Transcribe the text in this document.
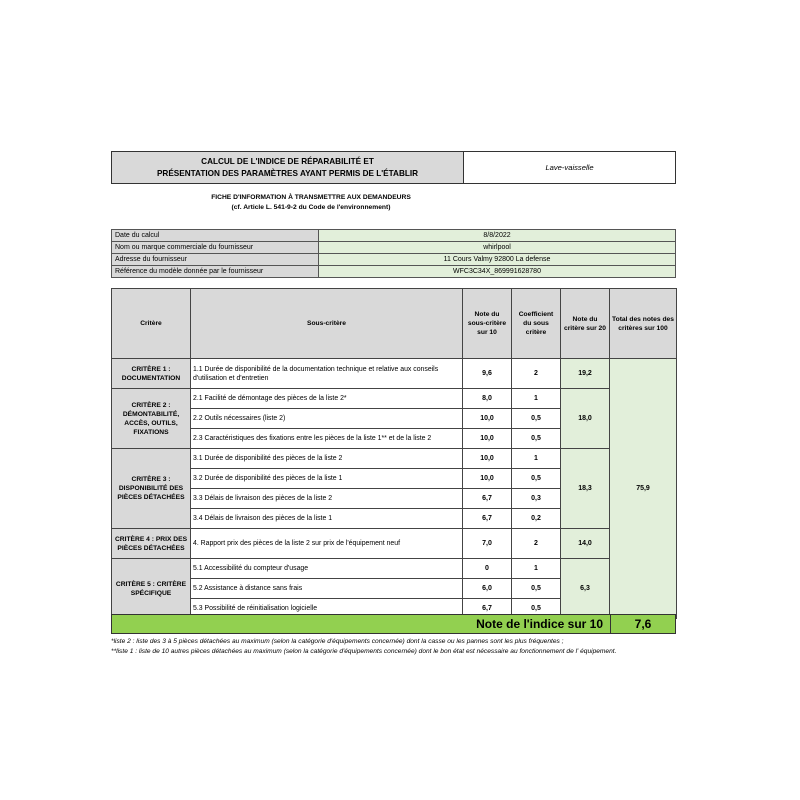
CALCUL DE L'INDICE DE RÉPARABILITÉ ET
PRÉSENTATION DES PARAMÈTRES AYANT PERMIS DE L'ÉTABLIR
Lave-vaisselle
FICHE D'INFORMATION À TRANSMETTRE AUX DEMANDEURS
(cf. Article L. 541-9-2 du Code de l'environnement)
Date du calcul	8/8/2022
Nom ou marque commerciale du fournisseur	whirlpool
Adresse du fournisseur	11 Cours Valmy 92800 La defense
Référence du modèle donnée par le fournisseur	WFC3C34X_869991628780
Critère	Sous-critère	Note du sous-critère sur 10	Coefficient du sous critère	Note du critère sur 20	Total des notes des critères sur 100
CRITÈRE 1 : DOCUMENTATION	1.1 Durée de disponibilité de la documentation technique et relative aux conseils d'utilisation et d'entretien	9,6	2	19,2	75,9
CRITÈRE 2 : DÉMONTABILITÉ, ACCÈS, OUTILS, FIXATIONS	2.1 Facilité de démontage des pièces de la liste 2*	8,0	1	18,0	
	2.2 Outils nécessaires (liste 2)	10,0	0,5		
	2.3 Caractéristiques des fixations entre les pièces de la liste 1** et de la liste 2	10,0	0,5		
CRITÈRE 3 : DISPONIBILITÉ DES PIÈCES DÉTACHÉES	3.1 Durée de disponibilité des pièces de la liste 2	10,0	1	18,3	
	3.2 Durée de disponibilité des pièces de la liste 1	10,0	0,5		
	3.3 Délais de livraison des pièces de la liste 2	6,7	0,3		
	3.4 Délais de livraison des pièces de la liste 1	6,7	0,2		
CRITÈRE 4 : PRIX DES PIÈCES DÉTACHÉES	4. Rapport prix des pièces de la liste 2 sur prix de l'équipement neuf	7,0	2	14,0	
CRITÈRE 5 : CRITÈRE SPÉCIFIQUE	5.1 Accessibilité du compteur d'usage	0	1	6,3	
	5.2 Assistance à distance sans frais	6,0	0,5		
	5.3 Possibilité de réinitialisation logicielle	6,7	0,5		
Note de l'indice sur 10	7,6
*liste 2 : liste des 3 à 5 pièces détachées au maximum (selon la catégorie d'équipements concernée) dont la casse ou les pannes sont les plus fréquentes ;
**liste 1 : liste de 10 autres pièces détachées au maximum (selon la catégorie d'équipements concernée) dont le bon état est nécessaire au fonctionnement de l' équipement.
